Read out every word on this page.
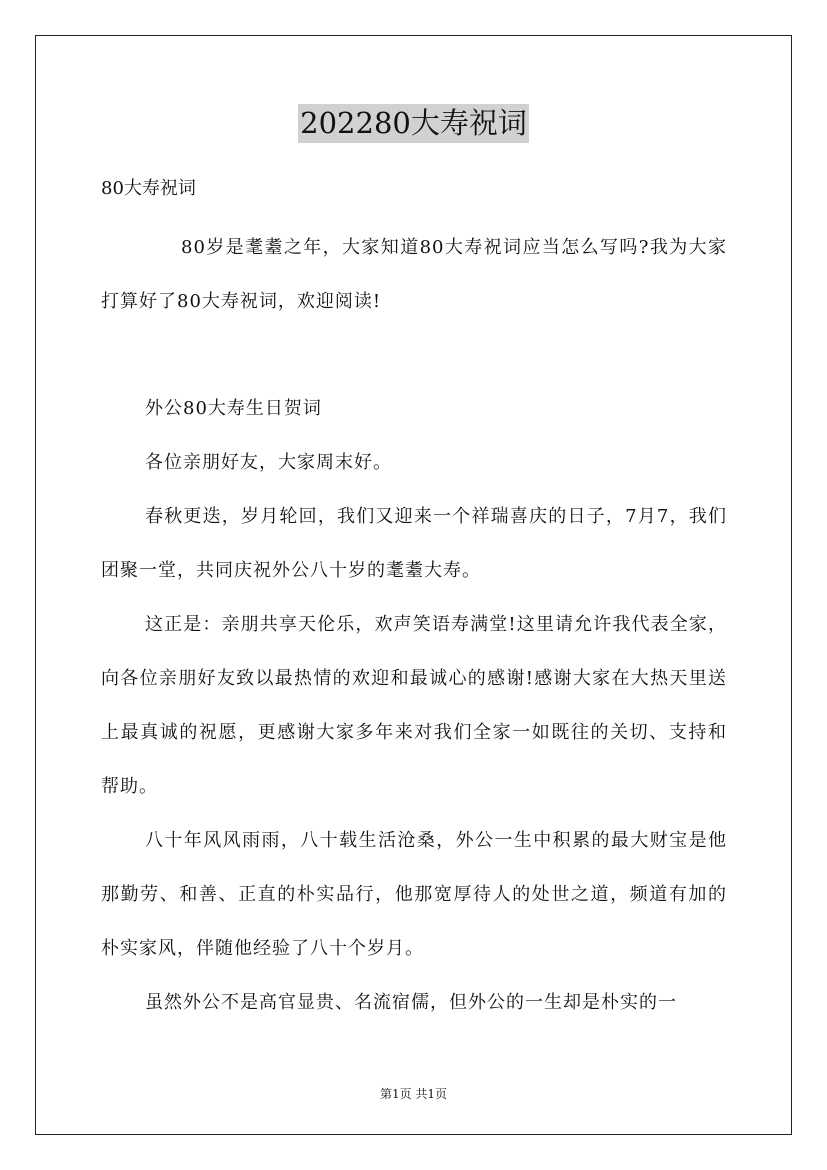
202280大寿祝词
80大寿祝词
80岁是耄耋之年，大家知道80大寿祝词应当怎么写吗?我为大家打算好了80大寿祝词，欢迎阅读!

外公80大寿生日贺词

各位亲朋好友，大家周末好。

春秋更迭，岁月轮回，我们又迎来一个祥瑞喜庆的日子，7月7，我们团聚一堂，共同庆祝外公八十岁的耄耋大寿。

这正是：亲朋共享天伦乐，欢声笑语寿满堂!这里请允许我代表全家，向各位亲朋好友致以最热情的欢迎和最诚心的感谢!感谢大家在大热天里送上最真诚的祝愿，更感谢大家多年来对我们全家一如既往的关切、支持和帮助。

八十年风风雨雨，八十载生活沧桑，外公一生中积累的最大财宝是他那勤劳、和善、正直的朴实品行，他那宽厚待人的处世之道，频道有加的朴实家风，伴随他经验了八十个岁月。

虽然外公不是高官显贵、名流宿儒，但外公的一生却是朴实的一

第1页 共1页
